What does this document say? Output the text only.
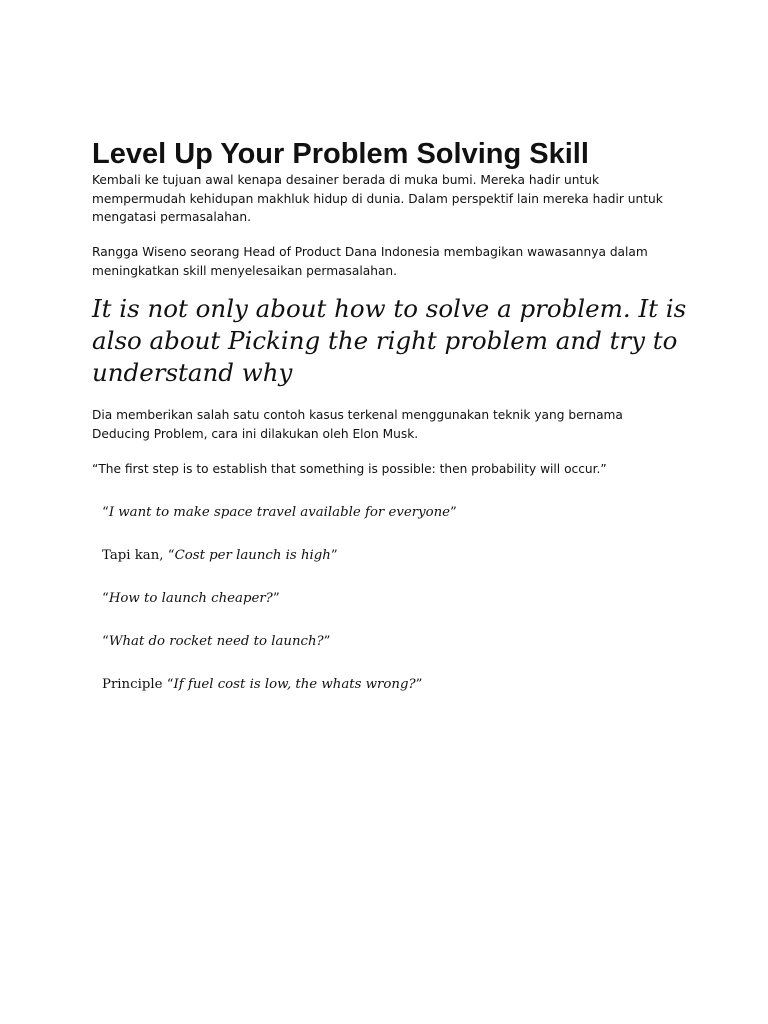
Level Up Your Problem Solving Skill

Kembali ke tujuan awal kenapa desainer berada di muka bumi. Mereka hadir untuk mempermudah kehidupan makhluk hidup di dunia. Dalam perspektif lain mereka hadir untuk mengatasi permasalahan.

Rangga Wiseno seorang Head of Product Dana Indonesia membagikan wawasannya dalam meningkatkan skill menyelesaikan permasalahan.

It is not only about how to solve a problem. It is also about Picking the right problem and try to understand why

Dia memberikan salah satu contoh kasus terkenal menggunakan teknik yang bernama Deducing Problem, cara ini dilakukan oleh Elon Musk.

“The first step is to establish that something is possible: then probability will occur.”

“I want to make space travel available for everyone”
Tapi kan, “Cost per launch is high”
“How to launch cheaper?”
“What do rocket need to launch?”
Principle “If fuel cost is low, the whats wrong?”
